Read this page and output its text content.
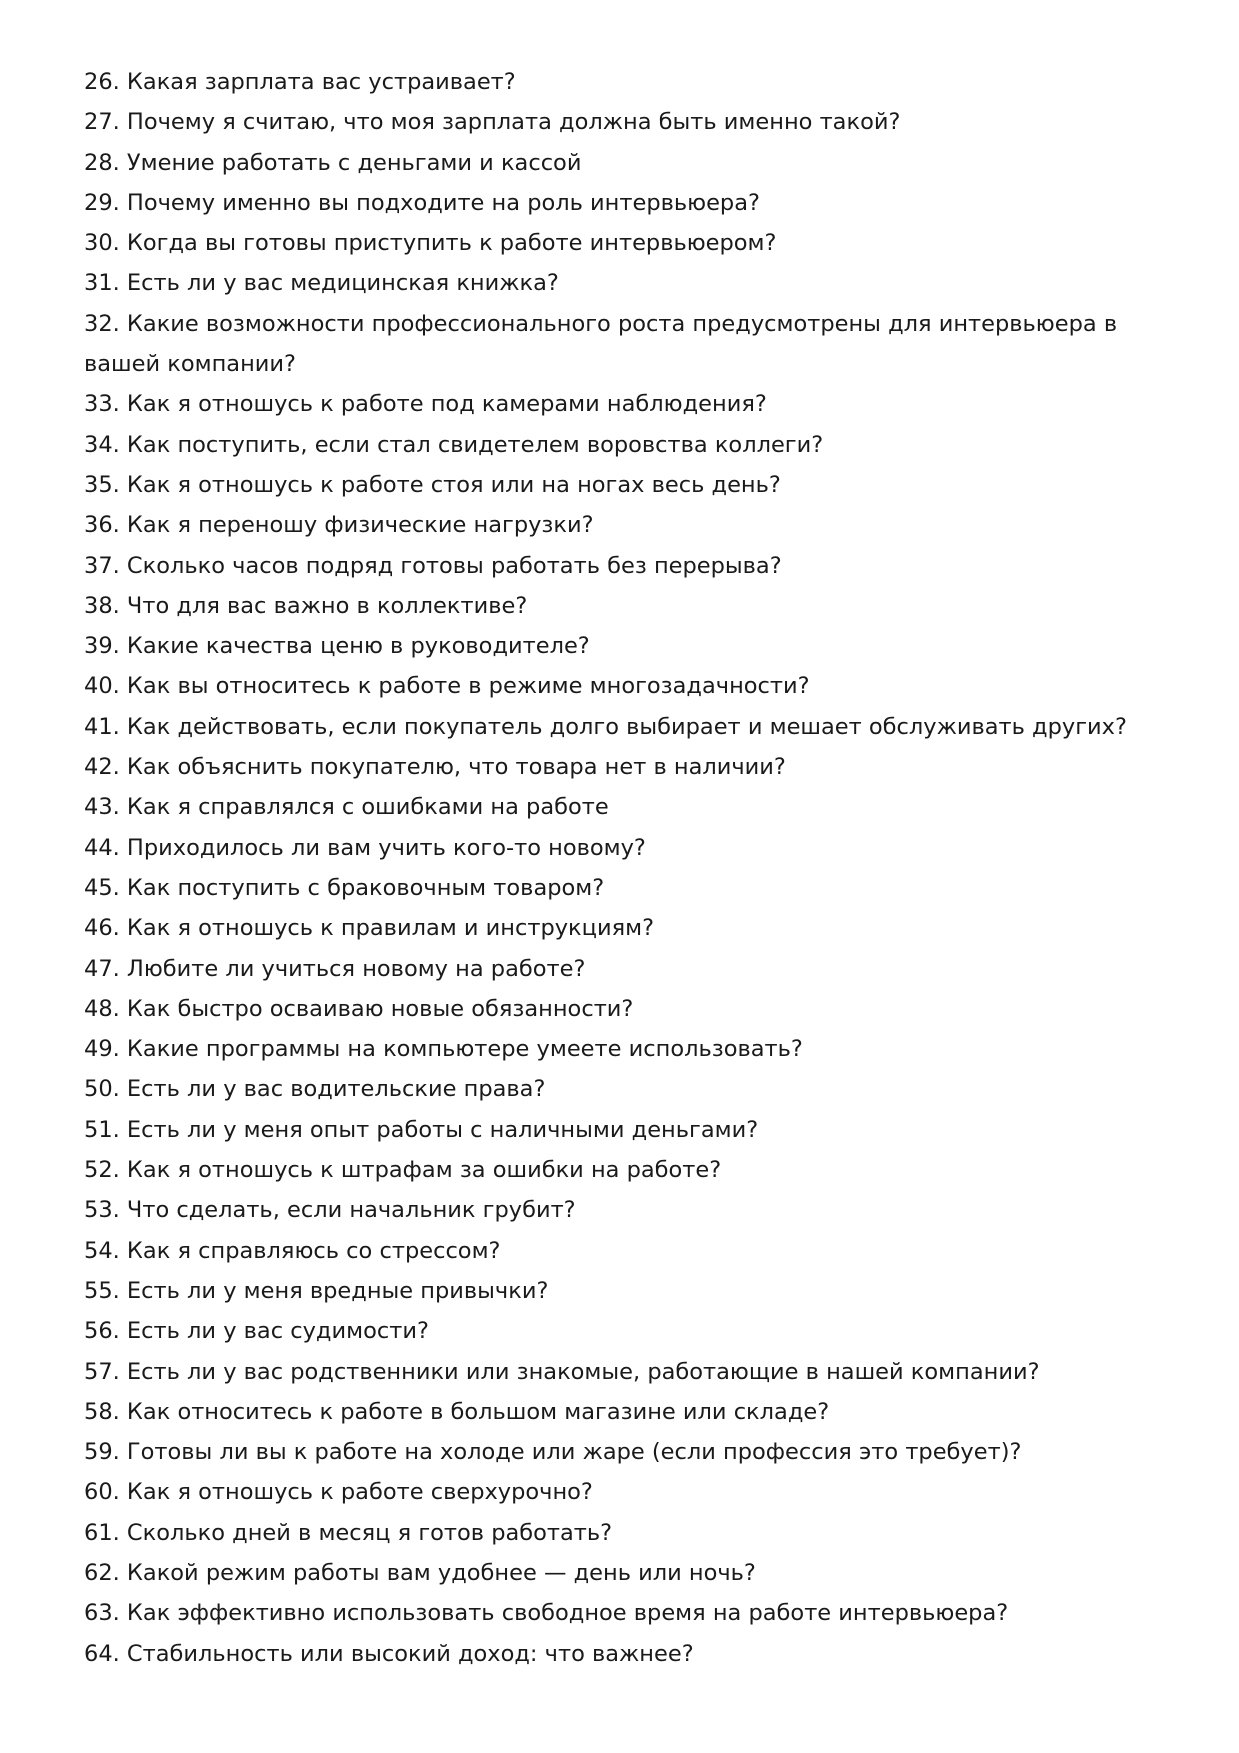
26. Какая зарплата вас устраивает?
27. Почему я считаю, что моя зарплата должна быть именно такой?
28. Умение работать с деньгами и кассой
29. Почему именно вы подходите на роль интервьюера?
30. Когда вы готовы приступить к работе интервьюером?
31. Есть ли у вас медицинская книжка?
32. Какие возможности профессионального роста предусмотрены для интервьюера в вашей компании?
33. Как я отношусь к работе под камерами наблюдения?
34. Как поступить, если стал свидетелем воровства коллеги?
35. Как я отношусь к работе стоя или на ногах весь день?
36. Как я переношу физические нагрузки?
37. Сколько часов подряд готовы работать без перерыва?
38. Что для вас важно в коллективе?
39. Какие качества ценю в руководителе?
40. Как вы относитесь к работе в режиме многозадачности?
41. Как действовать, если покупатель долго выбирает и мешает обслуживать других?
42. Как объяснить покупателю, что товара нет в наличии?
43. Как я справлялся с ошибками на работе
44. Приходилось ли вам учить кого-то новому?
45. Как поступить с браковочным товаром?
46. Как я отношусь к правилам и инструкциям?
47. Любите ли учиться новому на работе?
48. Как быстро осваиваю новые обязанности?
49. Какие программы на компьютере умеете использовать?
50. Есть ли у вас водительские права?
51. Есть ли у меня опыт работы с наличными деньгами?
52. Как я отношусь к штрафам за ошибки на работе?
53. Что сделать, если начальник грубит?
54. Как я справляюсь со стрессом?
55. Есть ли у меня вредные привычки?
56. Есть ли у вас судимости?
57. Есть ли у вас родственники или знакомые, работающие в нашей компании?
58. Как относитесь к работе в большом магазине или складе?
59. Готовы ли вы к работе на холоде или жаре (если профессия это требует)?
60. Как я отношусь к работе сверхурочно?
61. Сколько дней в месяц я готов работать?
62. Какой режим работы вам удобнее — день или ночь?
63. Как эффективно использовать свободное время на работе интервьюера?
64. Стабильность или высокий доход: что важнее?
